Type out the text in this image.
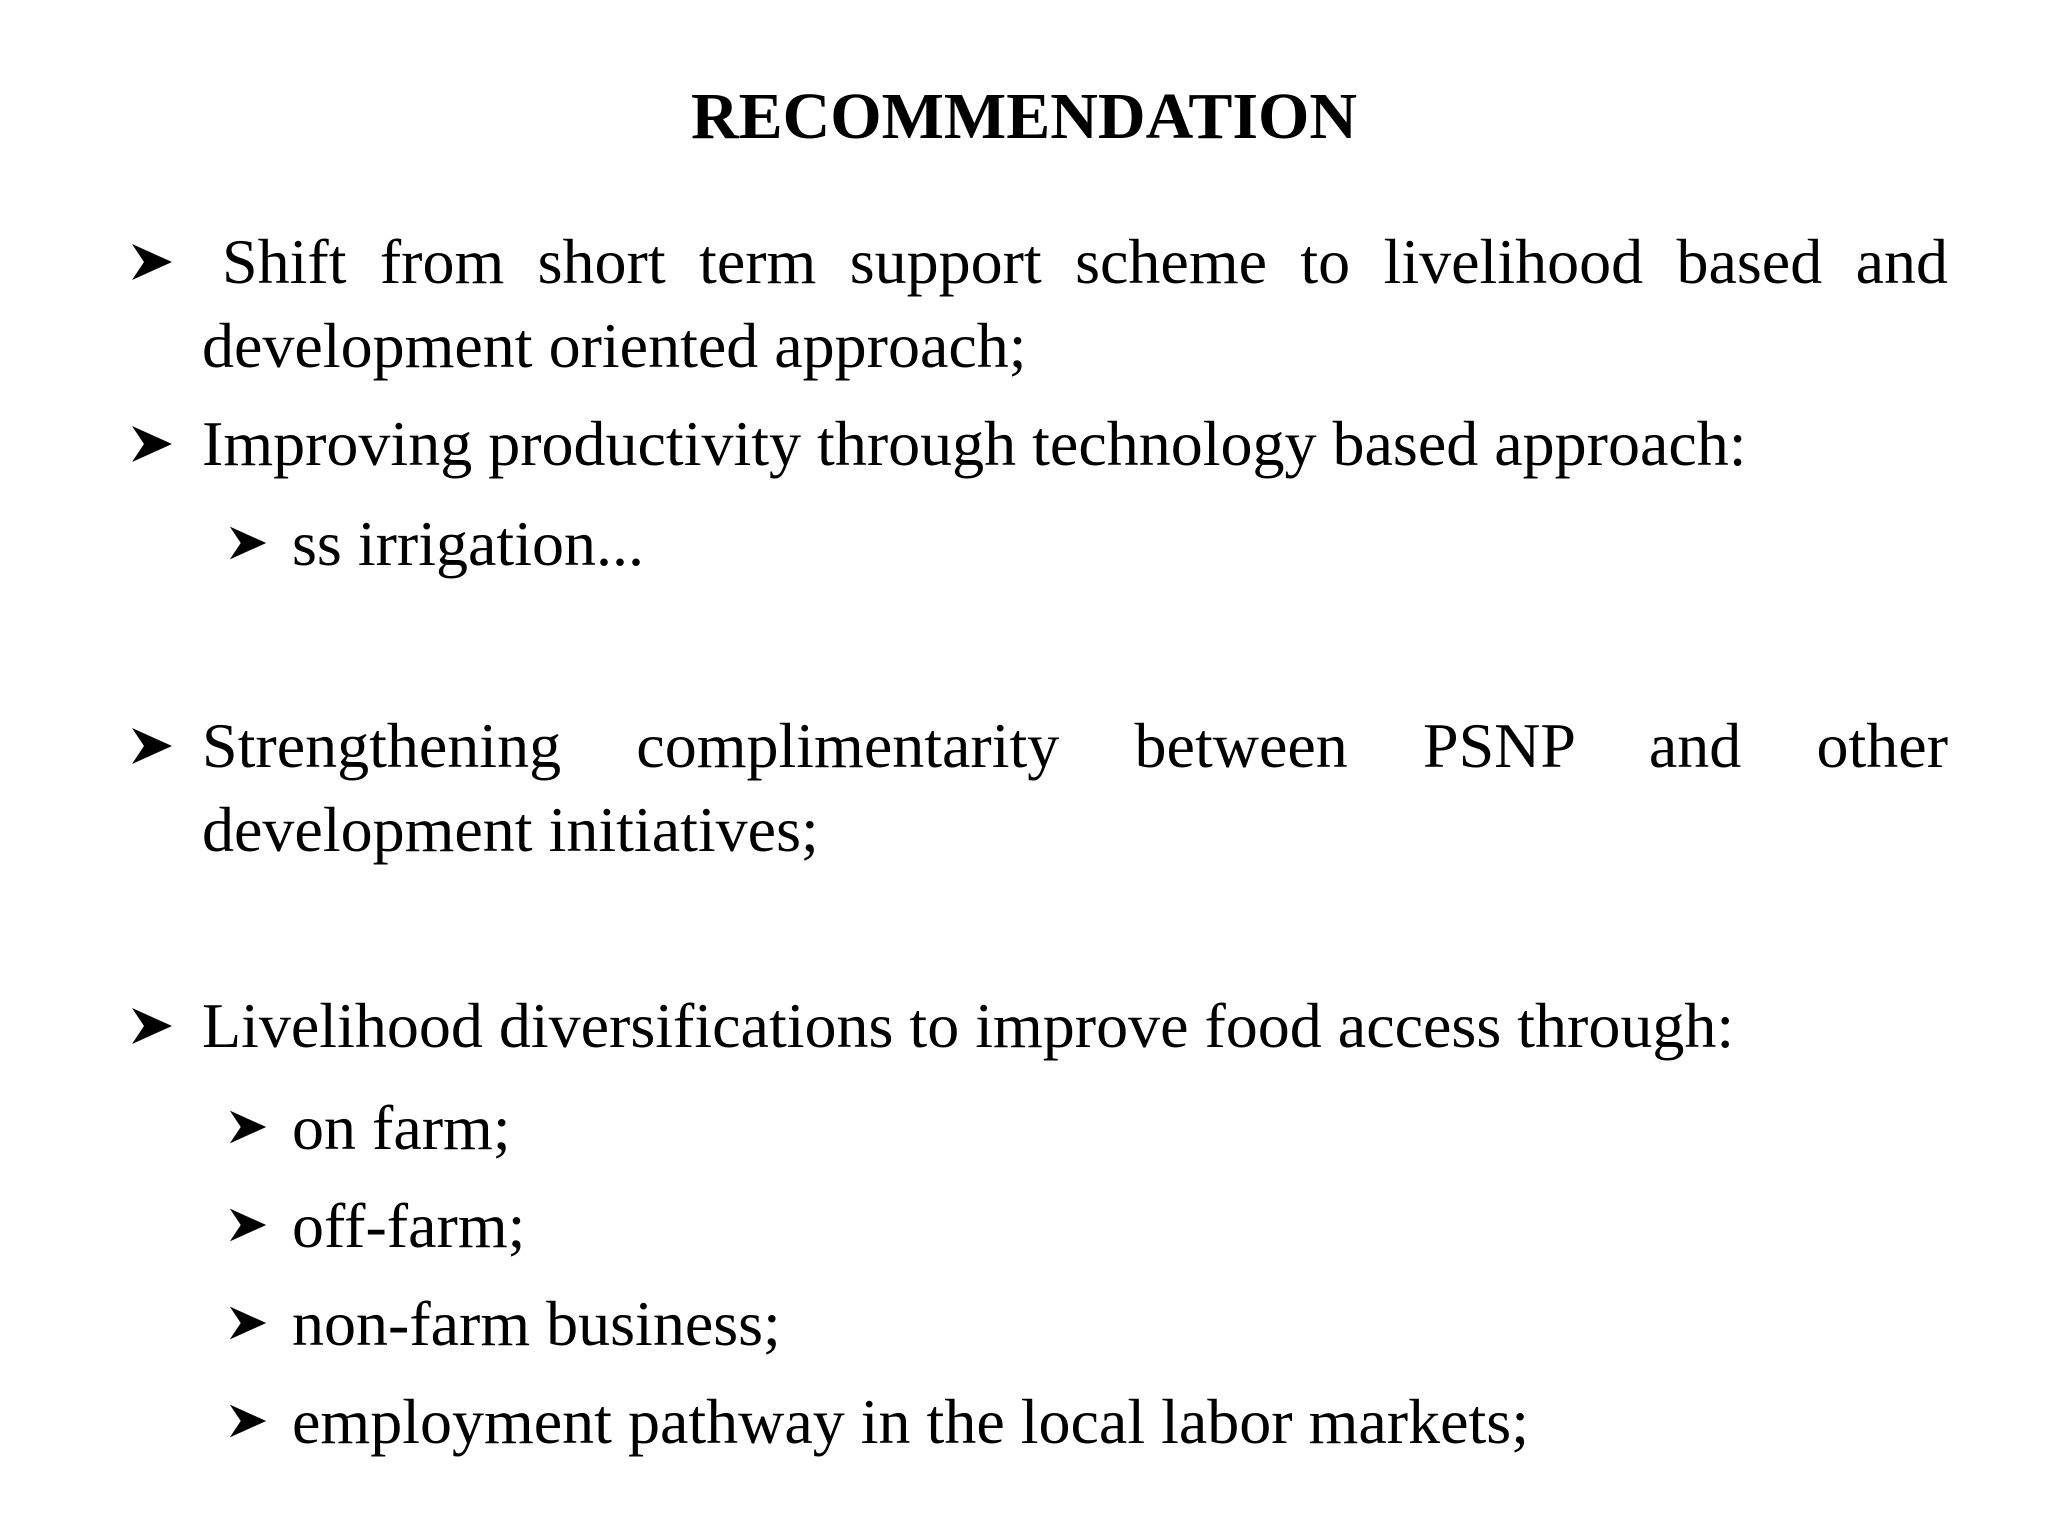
RECOMMENDATION
Shift from short term support scheme to livelihood based and development oriented approach;
Improving productivity through technology based approach:
ss irrigation...
Strengthening complimentarity between PSNP and other development initiatives;
Livelihood diversifications to improve food access through:
on farm;
off-farm;
non-farm business;
employment pathway in the local labor markets;
